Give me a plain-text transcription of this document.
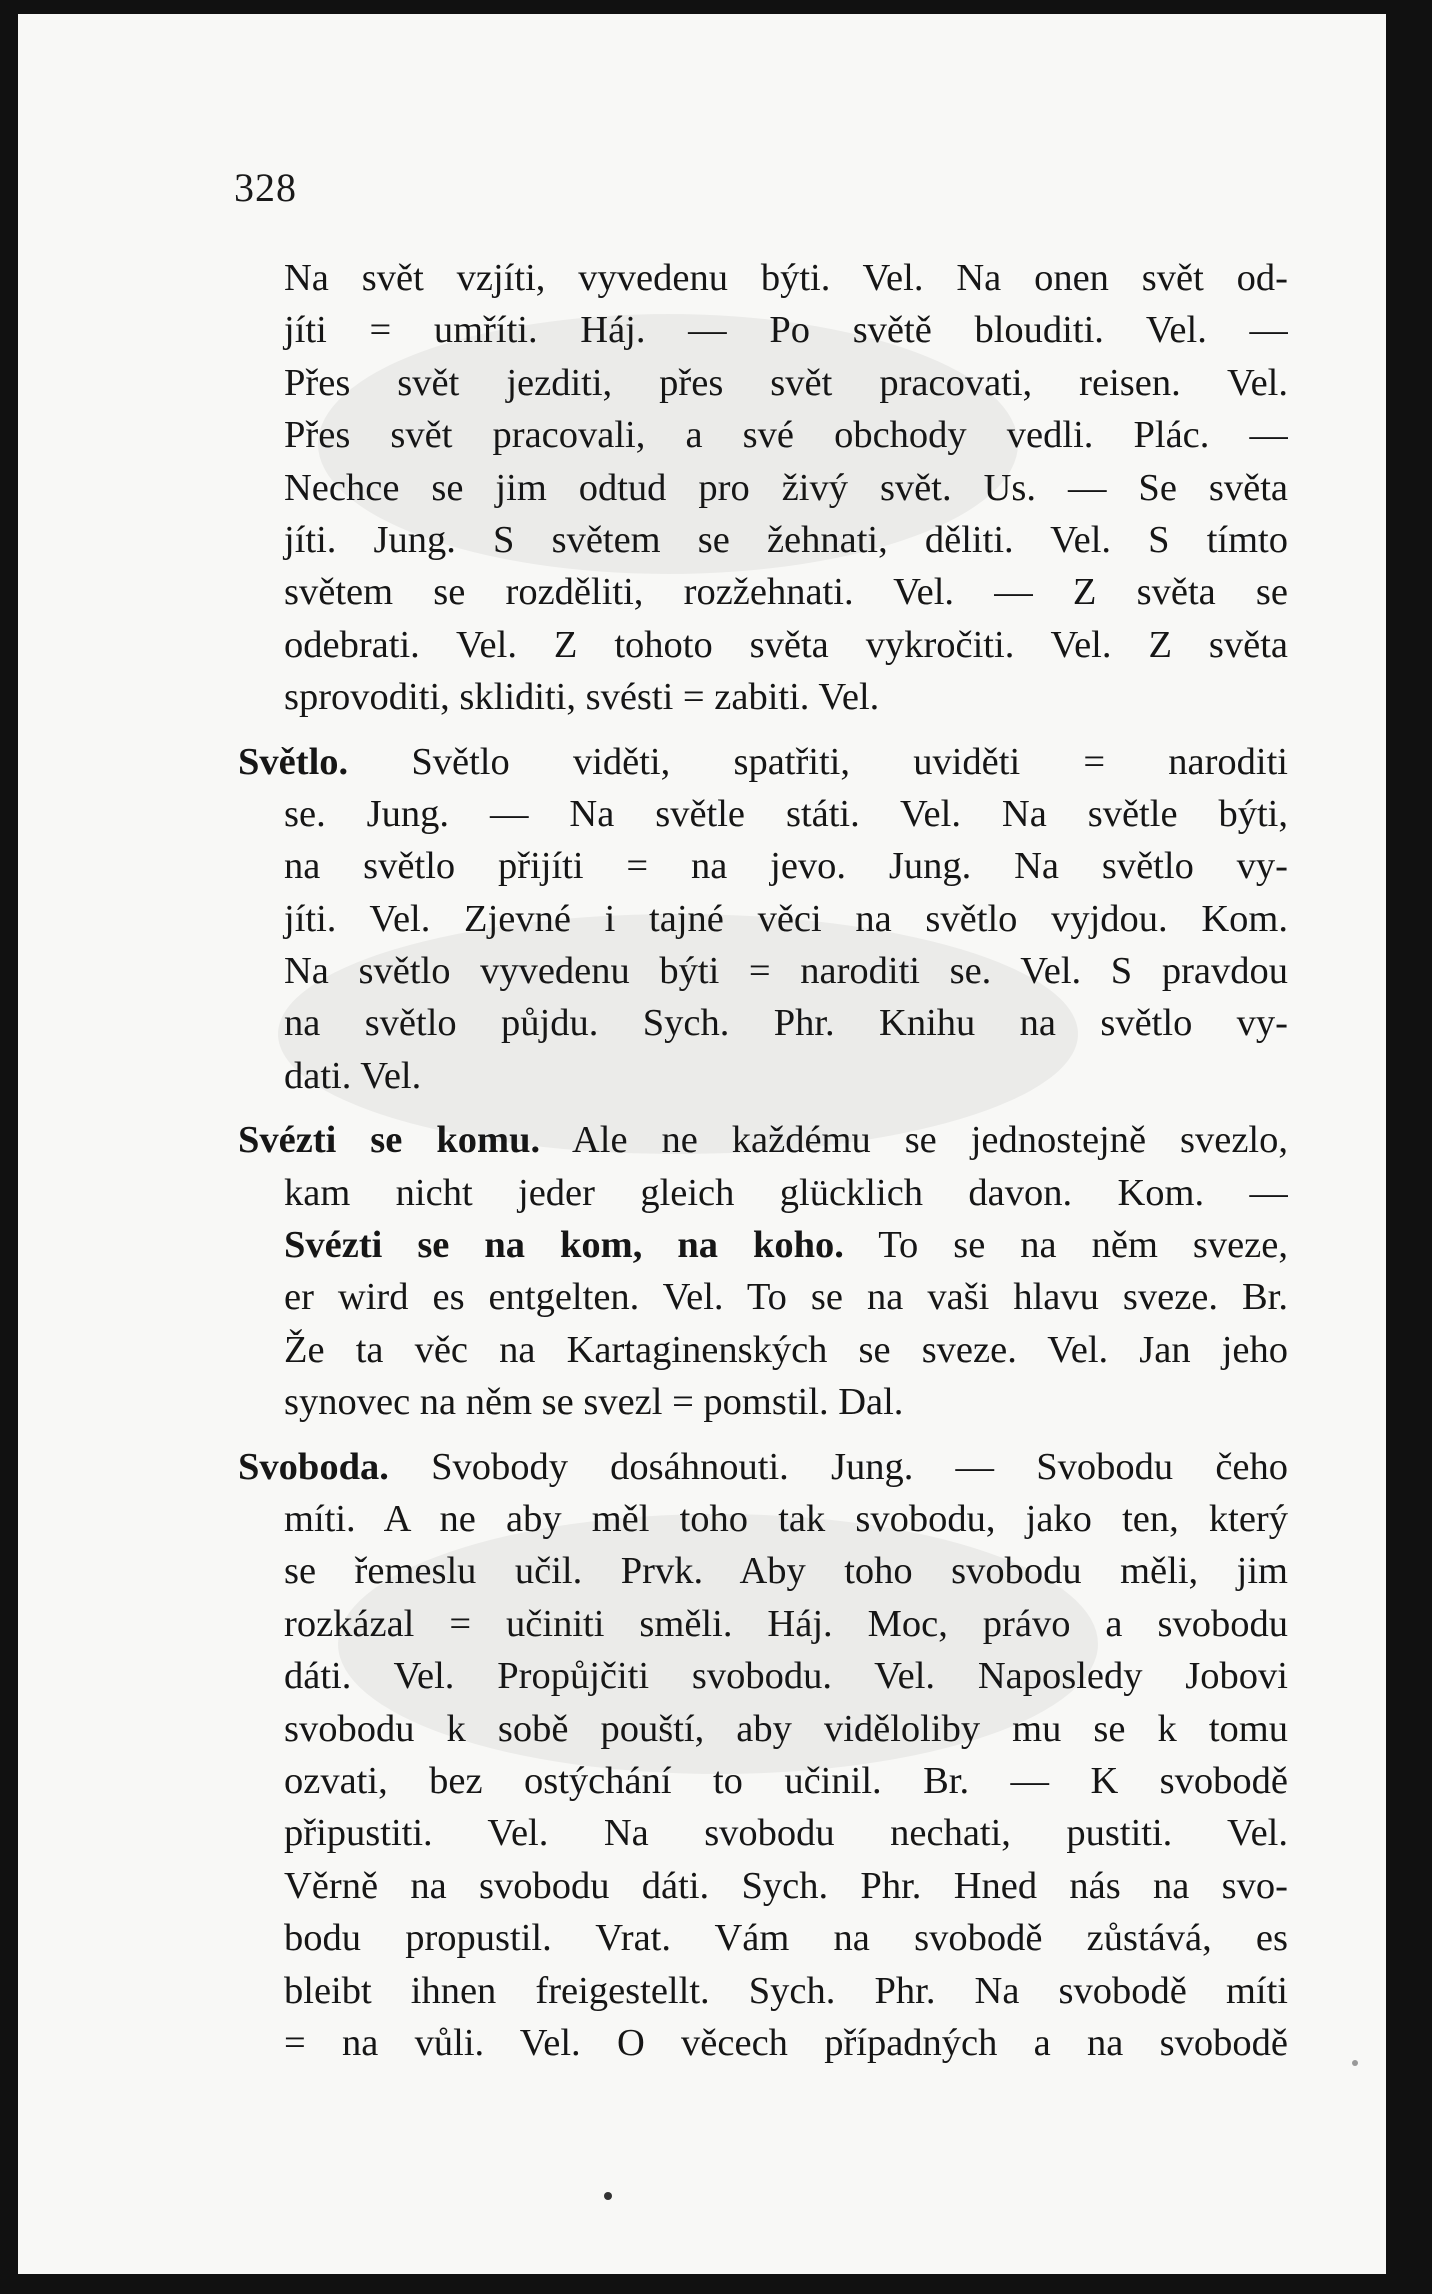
328
Na svět vzjíti, vyvedenu býti. Vel. Na onen svět od-
jíti = umříti. Háj. — Po světě blouditi. Vel. —
Přes svět jezditi, přes svět pracovati, reisen. Vel.
Přes svět pracovali, a své obchody vedli. Plác. —
Nechce se jim odtud pro živý svět. Us. — Se světa
jíti. Jung. S světem se žehnati, děliti. Vel. S tímto
světem se rozděliti, rozžehnati. Vel. — Z světa se
odebrati. Vel. Z tohoto světa vykročiti. Vel. Z světa
sprovoditi, skliditi, svésti = zabiti. Vel.
Světlo. Světlo viděti, spatřiti, uviděti = naroditi
se. Jung. — Na světle státi. Vel. Na světle býti,
na světlo přijíti = na jevo. Jung. Na světlo vy-
jíti. Vel. Zjevné i tajné věci na světlo vyjdou. Kom.
Na světlo vyvedenu býti = naroditi se. Vel. S pravdou
na světlo půjdu. Sych. Phr. Knihu na světlo vy-
dati. Vel.
Svézti se komu. Ale ne každému se jednostejně svezlo,
kam nicht jeder gleich glücklich davon. Kom. —
Svézti se na kom, na koho. To se na něm sveze,
er wird es entgelten. Vel. To se na vaši hlavu sveze. Br.
Že ta věc na Kartaginenských se sveze. Vel. Jan jeho
synovec na něm se svezl = pomstil. Dal.
Svoboda. Svobody dosáhnouti. Jung. — Svobodu čeho
míti. A ne aby měl toho tak svobodu, jako ten, který
se řemeslu učil. Prvk. Aby toho svobodu měli, jim
rozkázal = učiniti směli. Háj. Moc, právo a svobodu
dáti. Vel. Propůjčiti svobodu. Vel. Naposledy Jobovi
svobodu k sobě pouští, aby viděloliby mu se k tomu
ozvati, bez ostýchání to učinil. Br. — K svobodě
připustiti. Vel. Na svobodu nechati, pustiti. Vel.
Věrně na svobodu dáti. Sych. Phr. Hned nás na svo-
bodu propustil. Vrat. Vám na svobodě zůstává, es
bleibt ihnen freigestellt. Sych. Phr. Na svobodě míti
= na vůli. Vel. O věcech případných a na svobodě
